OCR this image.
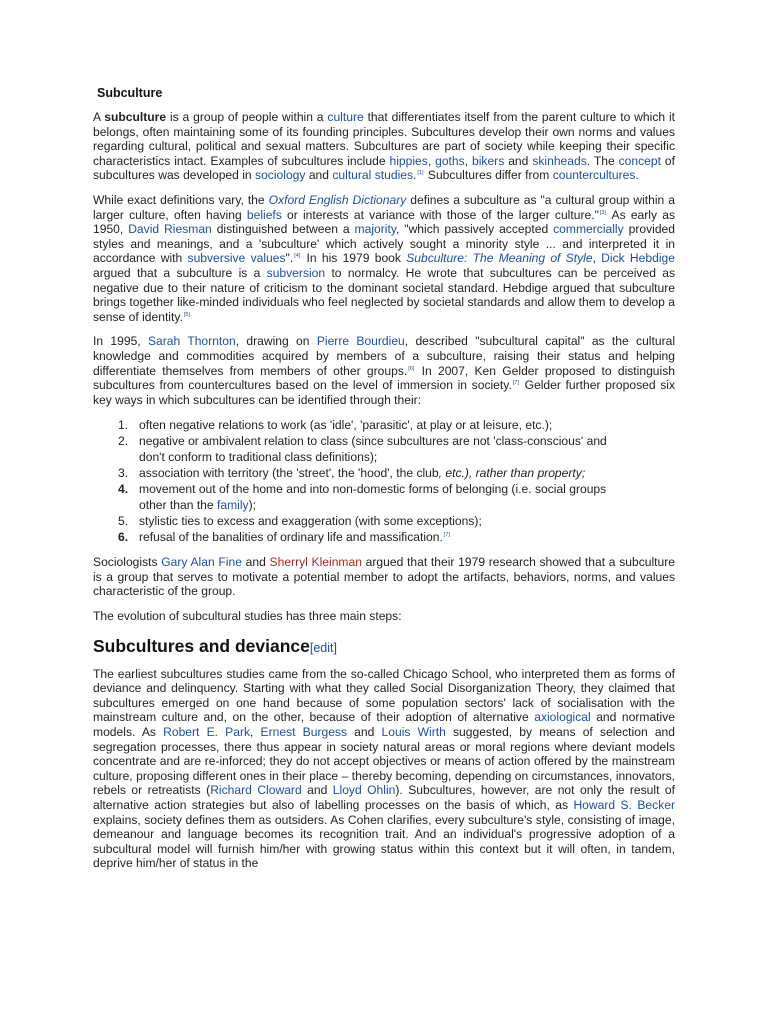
Subculture

A subculture is a group of people within a culture that differentiates itself from the parent culture to which it belongs, often maintaining some of its founding principles. Subcultures develop their own norms and values regarding cultural, political and sexual matters. Subcultures are part of society while keeping their specific characteristics intact. Examples of subcultures include hippies, goths, bikers and skinheads. The concept of subcultures was developed in sociology and cultural studies.[1] Subcultures differ from countercultures.

While exact definitions vary, the Oxford English Dictionary defines a subculture as "a cultural group within a larger culture, often having beliefs or interests at variance with those of the larger culture."[3] As early as 1950, David Riesman distinguished between a majority, "which passively accepted commercially provided styles and meanings, and a 'subculture' which actively sought a minority style ... and interpreted it in accordance with subversive values".[4] In his 1979 book Subculture: The Meaning of Style, Dick Hebdige argued that a subculture is a subversion to normalcy. He wrote that subcultures can be perceived as negative due to their nature of criticism to the dominant societal standard. Hebdige argued that subculture brings together like-minded individuals who feel neglected by societal standards and allow them to develop a sense of identity.[5]

In 1995, Sarah Thornton, drawing on Pierre Bourdieu, described "subcultural capital" as the cultural knowledge and commodities acquired by members of a subculture, raising their status and helping differentiate themselves from members of other groups.[6] In 2007, Ken Gelder proposed to distinguish subcultures from countercultures based on the level of immersion in society.[7] Gelder further proposed six key ways in which subcultures can be identified through their:

1. often negative relations to work (as 'idle', 'parasitic', at play or at leisure, etc.);
2. negative or ambivalent relation to class (since subcultures are not 'class-conscious' and
don't conform to traditional class definitions);
3. association with territory (the 'street', the 'hood', the club, etc.), rather than property;
4. movement out of the home and into non-domestic forms of belonging (i.e. social groups
other than the family);
5. stylistic ties to excess and exaggeration (with some exceptions);
6. refusal of the banalities of ordinary life and massification.[7]

Sociologists Gary Alan Fine and Sherryl Kleinman argued that their 1979 research showed that a subculture is a group that serves to motivate a potential member to adopt the artifacts, behaviors, norms, and values characteristic of the group.

The evolution of subcultural studies has three main steps:

Subcultures and deviance[edit]

The earliest subcultures studies came from the so-called Chicago School, who interpreted them as forms of deviance and delinquency. Starting with what they called Social Disorganization Theory, they claimed that subcultures emerged on one hand because of some population sectors' lack of socialisation with the mainstream culture and, on the other, because of their adoption of alternative axiological and normative models. As Robert E. Park, Ernest Burgess and Louis Wirth suggested, by means of selection and segregation processes, there thus appear in society natural areas or moral regions where deviant models concentrate and are re-inforced; they do not accept objectives or means of action offered by the mainstream culture, proposing different ones in their place – thereby becoming, depending on circumstances, innovators, rebels or retreatists (Richard Cloward and Lloyd Ohlin). Subcultures, however, are not only the result of alternative action strategies but also of labelling processes on the basis of which, as Howard S. Becker explains, society defines them as outsiders. As Cohen clarifies, every subculture's style, consisting of image, demeanour and language becomes its recognition trait. And an individual's progressive adoption of a subcultural model will furnish him/her with growing status within this context but it will often, in tandem, deprive him/her of status in the
